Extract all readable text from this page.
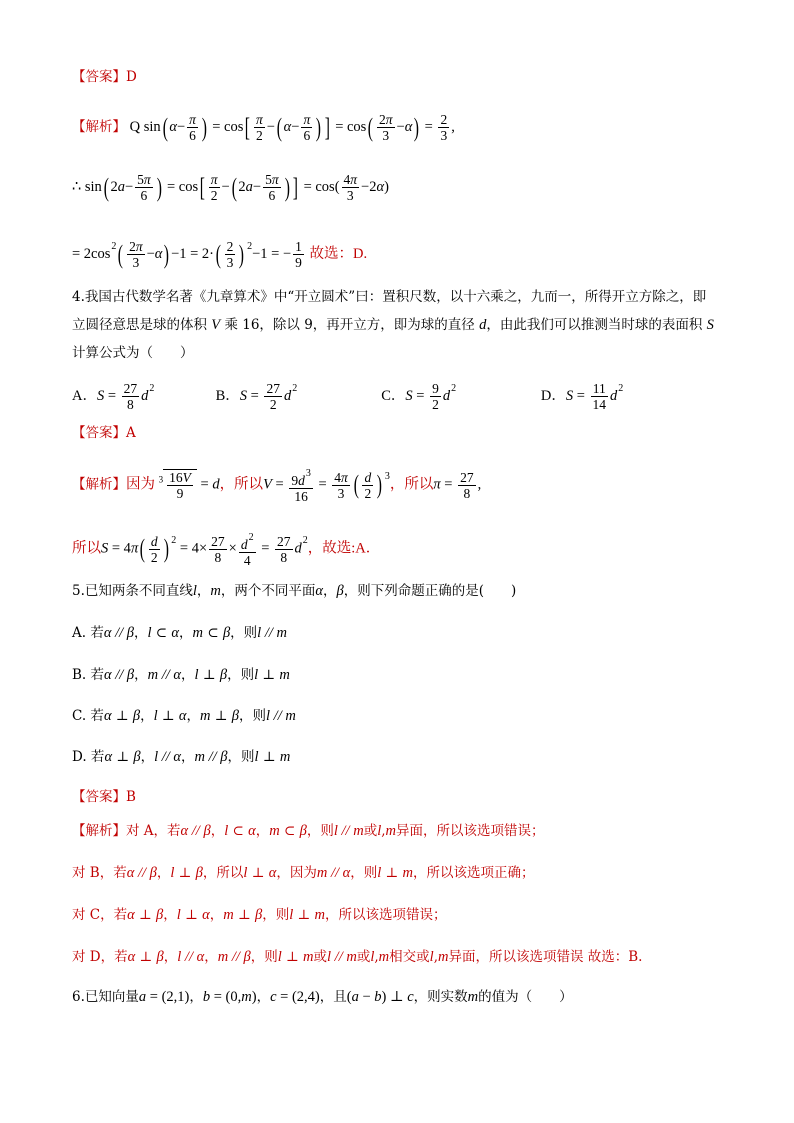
【答案】D
【解析】 Q sin( $\alpha- \frac{\pi}{6}$ ) = $\cos[ \frac{\pi}{2}$ −( $\alpha- \frac{\pi}{6}$ ) ] = $\cos( \frac{2\pi}{3} -\alpha) = \frac{2}{3}$ ,
∴ sin( $2a- \frac{5\pi}{6}$ ) = $\cos[ \frac{\pi}{2}$ −( $2a- \frac{5\pi}{6}$ ) ] = $\cos( \frac{4\pi}{3} -2\alpha)$
= $2\cos^2( \frac{2\pi}{3} -\alpha) -1 = 2\cdot( \frac{2}{3}$ ) $^2$−1 = − $\frac{1}{9}$ 故选：D.
4.我国古代数学名著《九章算术》中“开立圆术”曰：置积尺数，以十六乘之，九而一，所得开立方除之，即
立圆径意思是球的体积 V 乘 16，除以 9，再开立方，即为球的直径 d，由此我们可以推测当时球的表面积 S
计算公式为（　　）
A．$S = \frac{27}{8} d^2$	B．$S = \frac{27}{2} d^2$	C．$S = \frac{9}{2} d^2$	D．$S = \frac{11}{14} d^2$
【答案】A
【解析】因为 $^3 \frac{16V}{9} = d$，所以$V = \frac{9d^3}{16} = \frac{4\pi}{3}$ ( $\frac{d}{2}$ ) $^3$，所以$\pi = \frac{27}{8}$ ,
所以$S = 4\pi( \frac{d}{2}$ ) $^2 = 4\times \frac{27}{8} \times \frac{d^2}{4} = \frac{27}{8} d^2$，故选:A．
5.已知两条不同直线l，m，两个不同平面α，β，则下列命题正确的是(　　)
A. 若α // β，l ⊂ α，m ⊂ β，则l // m
B. 若α // β，m // α，l ⊥ β，则l ⊥ m
C. 若α ⊥ β，l ⊥ α，m ⊥ β，则l // m
D. 若α ⊥ β，l // α，m // β，则l ⊥ m
【答案】B
【解析】对 A，若α // β，l ⊂ α，m ⊂ β，则l // m或l,m异面，所以该选项错误；
对 B，若α // β，l ⊥ β，所以l ⊥ α，因为m // α，则l ⊥ m，所以该选项正确；
对 C，若α ⊥ β，l ⊥ α，m ⊥ β，则l ⊥ m，所以该选项错误；
对 D，若α ⊥ β，l // α，m // β，则l ⊥ m或l // m或l,m相交或l,m异面，所以该选项错误 故选：B.
6.已知向量a = (2,1)，b = (0,m)，c = (2,4)，且(a − b) ⊥ c，则实数m的值为（　　）
